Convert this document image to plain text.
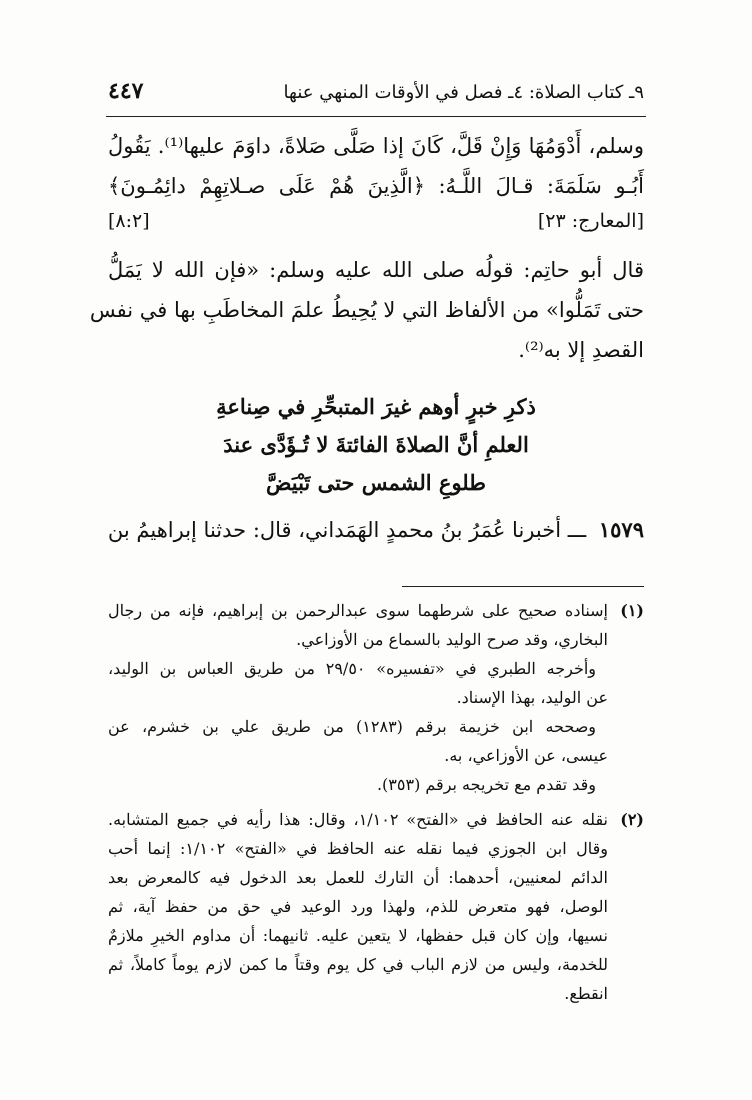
٩ـ كتاب الصلاة: ٤ـ فصل في الأوقات المنهي عنها
٤٤٧
وسلم، أَدْوَمُهَا وَإِنْ قَلَّ، كَانَ إذا صَلَّى صَلاةً، داوَمَ عليها⁽¹⁾. يَقُولُ
أَبُـو سَلَمَةَ: قـالَ اللَّـهُ: ﴿الَّذِينَ هُمْ عَلَى صـلاتِهِمْ دائِمُـونَ﴾
[المعارج: ٢٣]
[٨:٢]
قال أبو حاتِم: قولُه صلى الله عليه وسلم: «فإن الله لا يَمَلُّ
حتى تَمَلُّوا» من الألفاظ التي لا يُحِيطُ علمَ المخاطَبِ بها في نفس
القصدِ إلا به⁽²⁾.
ذكرِ خبرٍ أوهم غيرَ المتبحِّرِ في صِناعةِ
العلمِ أنَّ الصلاةَ الفائتةَ لا تُـؤَدَّى عندَ
طلوعِ الشمس حتى تَبْيَضَّ
١٥٧٩ ـــ أخبرنا عُمَرُ بنُ محمدٍ الهَمَداني، قال: حدثنا إبراهيمُ بن
(١)
إسناده صحيح على شرطهما سوى عبدالرحمن بن إبراهيم، فإنه من رجال
البخاري، وقد صرح الوليد بالسماع من الأوزاعي.
وأخرجه الطبري في «تفسيره» ٢٩/٥٠ من طريق العباس بن الوليد،
عن الوليد، بهذا الإسناد.
وصححه ابن خزيمة برقم (١٢٨٣) من طريق علي بن خشرم، عن
عيسى، عن الأوزاعي، به.
وقد تقدم مع تخريجه برقم (٣٥٣).
(٢)
نقله عنه الحافظ في «الفتح» ١/١٠٢، وقال: هذا رأيه في جميع المتشابه.
وقال ابن الجوزي فيما نقله عنه الحافظ في «الفتح» ١/١٠٢: إنما أحب
الدائم لمعنيين، أحدهما: أن التارك للعمل بعد الدخول فيه كالمعرض بعد
الوصل، فهو متعرض للذم، ولهذا ورد الوعيد في حق من حفظ آية، ثم
نسيها، وإن كان قبل حفظها، لا يتعين عليه. ثانيهما: أن مداوم الخيرِ ملازمٌ
للخدمة، وليس من لازم الباب في كل يوم وقتاً ما كمن لازم يوماً كاملاً، ثم
انقطع.
